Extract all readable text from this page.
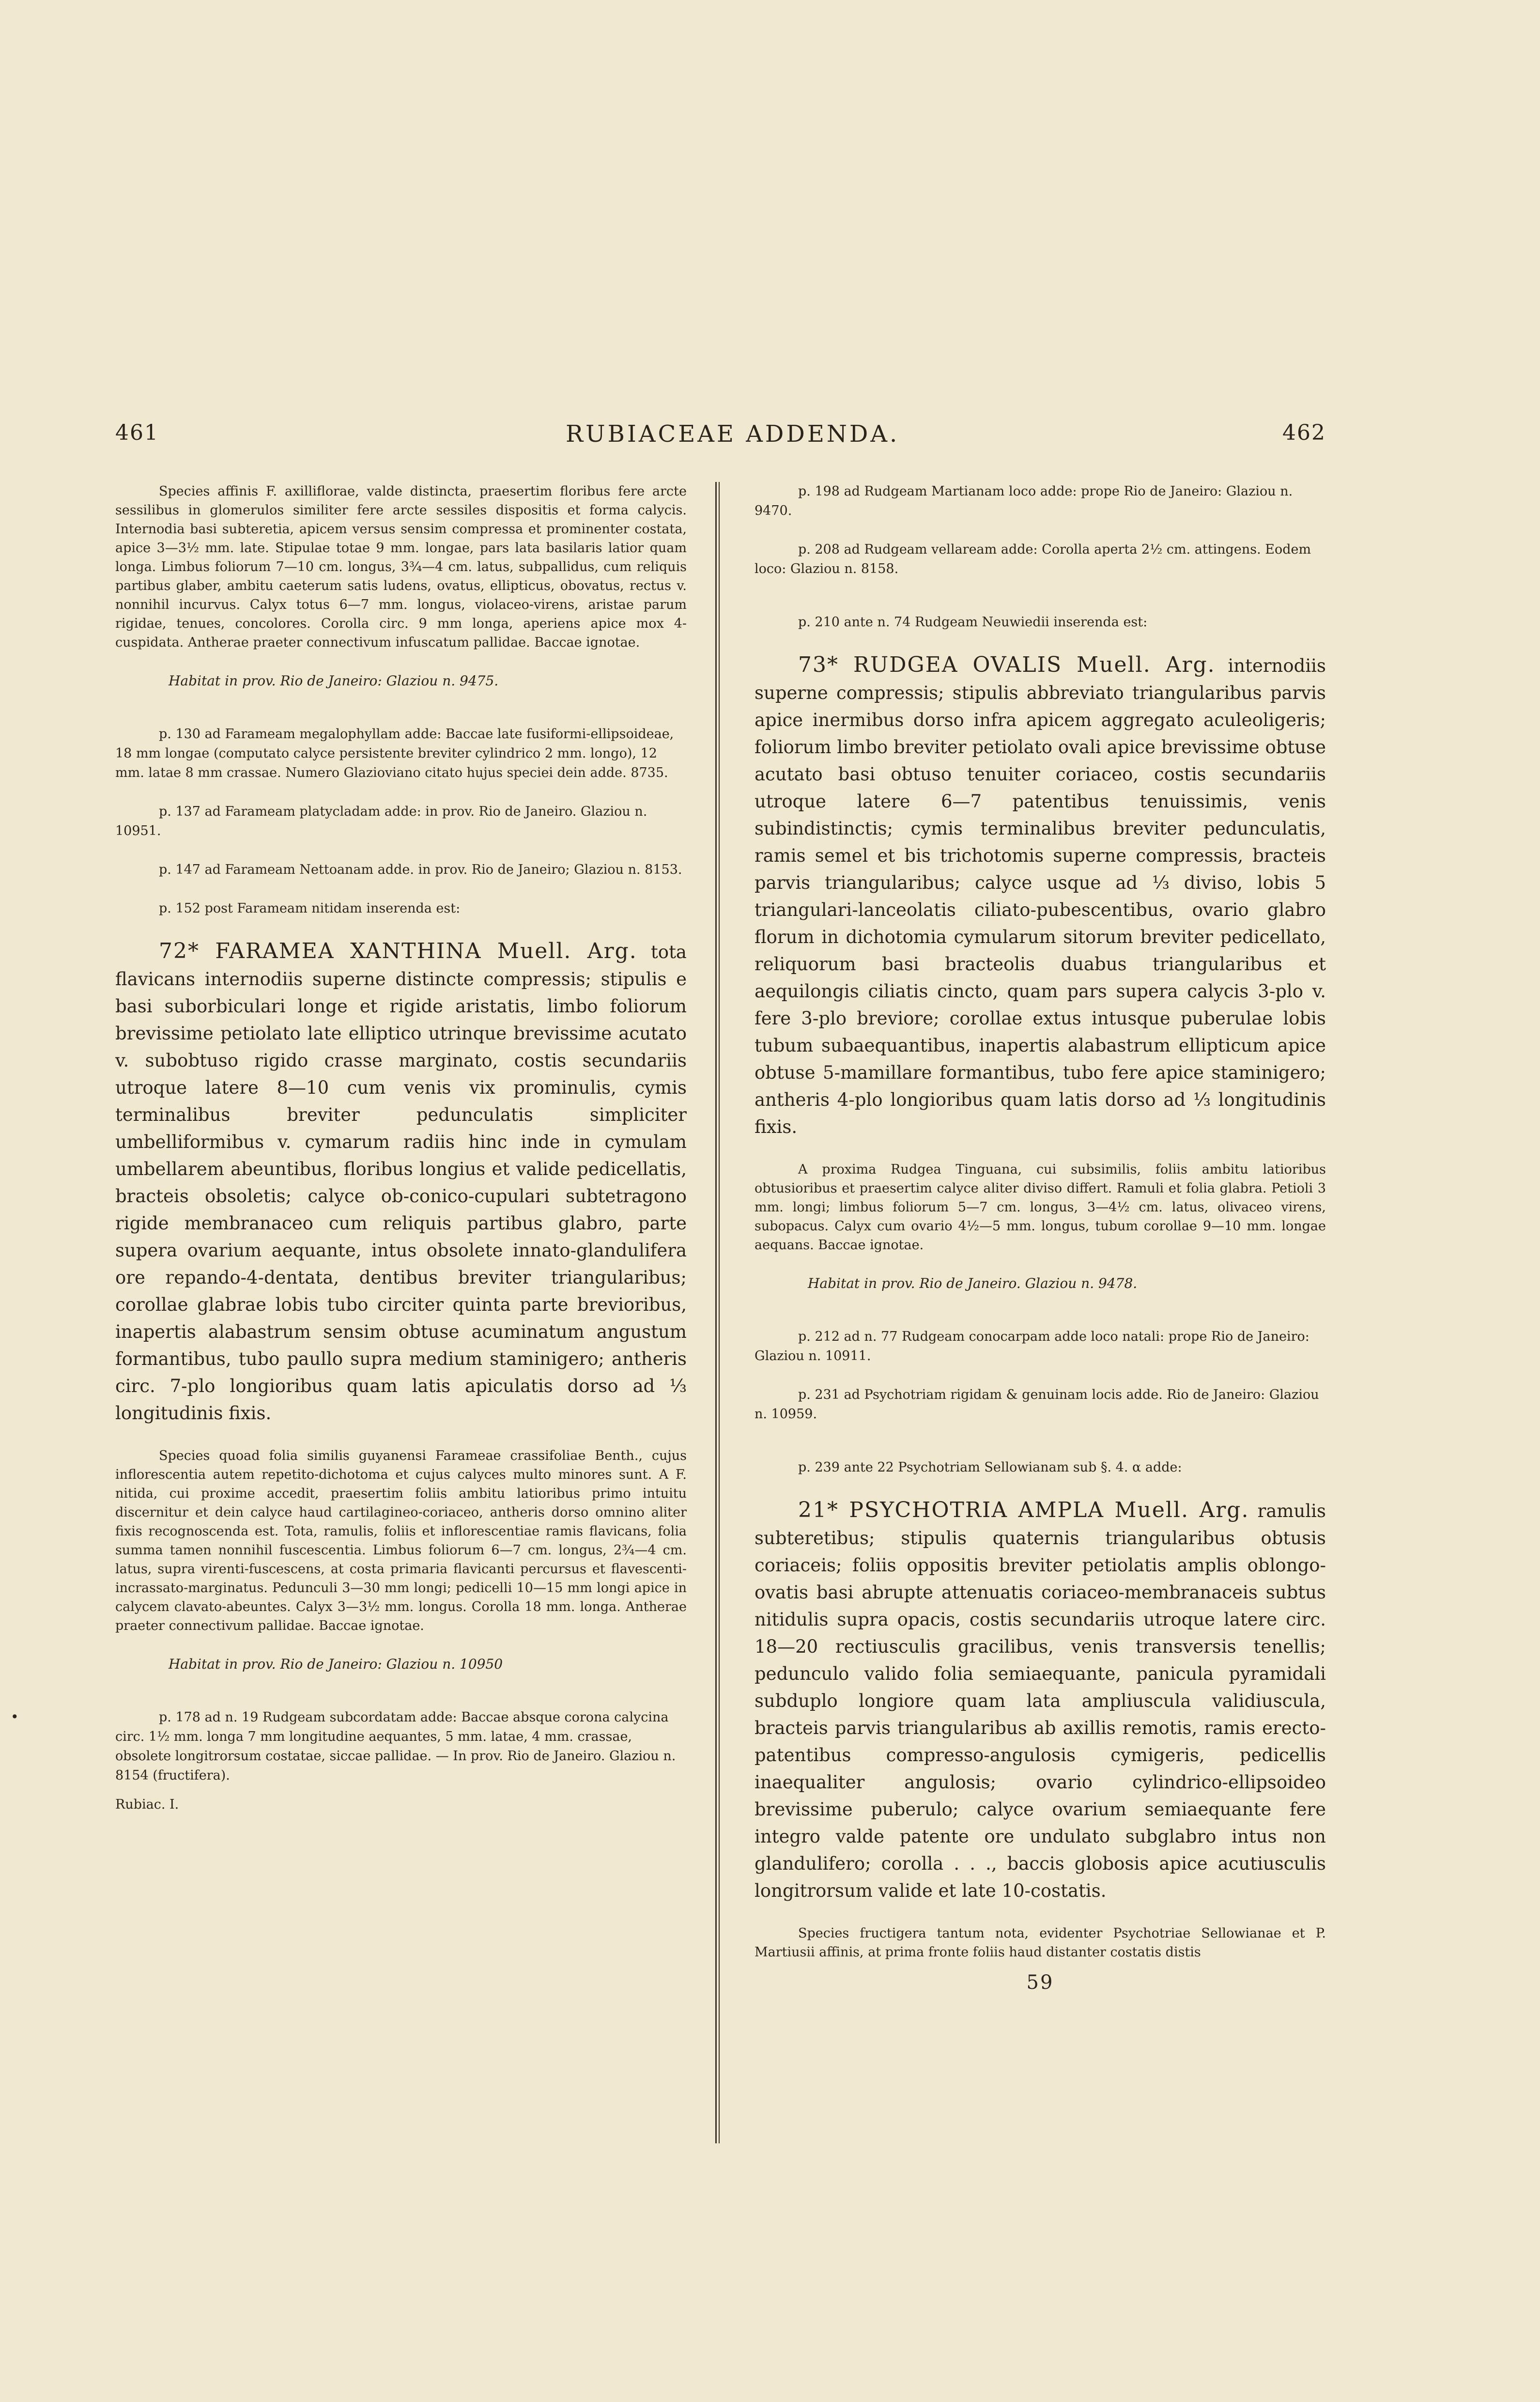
461	RUBIACEAE ADDENDA.	462
•

Species affinis F. axilliflorae, valde distincta, praesertim floribus fere arcte sessilibus in glomerulos similiter fere arcte sessiles dispositis et forma calycis. Internodia basi subteretia, apicem versus sensim compressa et prominenter costata, apice 3—3½ mm. late. Stipulae totae 9 mm. longae, pars lata basilaris latior quam longa. Limbus foliorum 7—10 cm. longus, 3¾—4 cm. latus, subpallidus, cum reliquis partibus glaber, ambitu caeterum satis ludens, ovatus, ellipticus, obovatus, rectus v. nonnihil incurvus. Calyx totus 6—7 mm. longus, violaceo-virens, aristae parum rigidae, tenues, concolores. Corolla circ. 9 mm longa, aperiens apice mox 4-cuspidata. Antherae praeter connectivum infuscatum pallidae. Baccae ignotae.

Habitat in prov. Rio de Janeiro: Glaziou n. 9475.

p. 130 ad Farameam megalophyllam adde: Baccae late fusiformi-ellipsoideae, 18 mm longae (computato calyce persistente breviter cylindrico 2 mm. longo), 12 mm. latae 8 mm crassae. Numero Glazioviano citato hujus speciei dein adde. 8735.

p. 137 ad Farameam platycladam adde: in prov. Rio de Janeiro. Glaziou n. 10951.

p. 147 ad Farameam Nettoanam adde. in prov. Rio de Janeiro; Glaziou n. 8153.

p. 152 post Farameam nitidam inserenda est:

72* FARAMEA XANTHINA Muell. Arg. tota flavicans internodiis superne distincte compressis; stipulis e basi suborbiculari longe et rigide aristatis, limbo foliorum brevissime petiolato late elliptico utrinque brevissime acutato v. subobtuso rigido crasse marginato, costis secundariis utroque latere 8—10 cum venis vix prominulis, cymis terminalibus breviter pedunculatis simpliciter umbelliformibus v. cymarum radiis hinc inde in cymulam umbellarem abeuntibus, floribus longius et valide pedicellatis, bracteis obsoletis; calyce ob-conico-cupulari subtetragono rigide membranaceo cum reliquis partibus glabro, parte supera ovarium aequante, intus obsolete innato-glandulifera ore repando-4-dentata, dentibus breviter triangularibus; corollae glabrae lobis tubo circiter quinta parte brevioribus, inapertis alabastrum sensim obtuse acuminatum angustum formantibus, tubo paullo supra medium staminigero; antheris circ. 7-plo longioribus quam latis apiculatis dorso ad ⅓ longitudinis fixis.

Species quoad folia similis guyanensi Farameae crassifoliae Benth., cujus inflorescentia autem repetito-dichotoma et cujus calyces multo minores sunt. A F. nitida, cui proxime accedit, praesertim foliis ambitu latioribus primo intuitu discernitur et dein calyce haud cartilagineo-coriaceo, antheris dorso omnino aliter fixis recognoscenda est. Tota, ramulis, foliis et inflorescentiae ramis flavicans, folia summa tamen nonnihil fuscescentia. Limbus foliorum 6—7 cm. longus, 2¾—4 cm. latus, supra virenti-fuscescens, at costa primaria flavicanti percursus et flavescenti-incrassato-marginatus. Pedunculi 3—30 mm longi; pedicelli 10—15 mm longi apice in calycem clavato-abeuntes. Calyx 3—3½ mm. longus. Corolla 18 mm. longa. Antherae praeter connectivum pallidae. Baccae ignotae.

Habitat in prov. Rio de Janeiro: Glaziou n. 10950

p. 178 ad n. 19 Rudgeam subcordatam adde: Baccae absque corona calycina circ. 1½ mm. longa 7 mm longitudine aequantes, 5 mm. latae, 4 mm. crassae, obsolete longitrorsum costatae, siccae pallidae. — In prov. Rio de Janeiro. Glaziou n. 8154 (fructifera).

Rubiac. I.

p. 198 ad Rudgeam Martianam loco adde: prope Rio de Janeiro: Glaziou n. 9470.

p. 208 ad Rudgeam vellaream adde: Corolla aperta 2½ cm. attingens. Eodem loco: Glaziou n. 8158.

p. 210 ante n. 74 Rudgeam Neuwiedii inserenda est:

73* RUDGEA OVALIS Muell. Arg. internodiis superne compressis; stipulis abbreviato triangularibus parvis apice inermibus dorso infra apicem aggregato aculeoligeris; foliorum limbo breviter petiolato ovali apice brevissime obtuse acutato basi obtuso tenuiter coriaceo, costis secundariis utroque latere 6—7 patentibus tenuissimis, venis subindistinctis; cymis terminalibus breviter pedunculatis, ramis semel et bis trichotomis superne compressis, bracteis parvis triangularibus; calyce usque ad ⅓ diviso, lobis 5 triangulari-lanceolatis ciliato-pubescentibus, ovario glabro florum in dichotomia cymularum sitorum breviter pedicellato, reliquorum basi bracteolis duabus triangularibus et aequilongis ciliatis cincto, quam pars supera calycis 3-plo v. fere 3-plo breviore; corollae extus intusque puberulae lobis tubum subaequantibus, inapertis alabastrum ellipticum apice obtuse 5-mamillare formantibus, tubo fere apice staminigero; antheris 4-plo longioribus quam latis dorso ad ⅓ longitudinis fixis.

A proxima Rudgea Tinguana, cui subsimilis, foliis ambitu latioribus obtusioribus et praesertim calyce aliter diviso differt. Ramuli et folia glabra. Petioli 3 mm. longi; limbus foliorum 5—7 cm. longus, 3—4½ cm. latus, olivaceo virens, subopacus. Calyx cum ovario 4½—5 mm. longus, tubum corollae 9—10 mm. longae aequans. Baccae ignotae.

Habitat in prov. Rio de Janeiro. Glaziou n. 9478.

p. 212 ad n. 77 Rudgeam conocarpam adde loco natali: prope Rio de Janeiro: Glaziou n. 10911.

p. 231 ad Psychotriam rigidam & genuinam locis adde. Rio de Janeiro: Glaziou n. 10959.

p. 239 ante 22 Psychotriam Sellowianam sub §. 4. α adde:

21* PSYCHOTRIA AMPLA Muell. Arg. ramulis subteretibus; stipulis quaternis triangularibus obtusis coriaceis; foliis oppositis breviter petiolatis amplis oblongo-ovatis basi abrupte attenuatis coriaceo-membranaceis subtus nitidulis supra opacis, costis secundariis utroque latere circ. 18—20 rectiusculis gracilibus, venis transversis tenellis; pedunculo valido folia semiaequante, panicula pyramidali subduplo longiore quam lata ampliuscula validiuscula, bracteis parvis triangularibus ab axillis remotis, ramis erecto-patentibus compresso-angulosis cymigeris, pedicellis inaequaliter angulosis; ovario cylindrico-ellipsoideo brevissime puberulo; calyce ovarium semiaequante fere integro valde patente ore undulato subglabro intus non glandulifero; corolla . . ., baccis globosis apice acutiusculis longitrorsum valide et late 10-costatis.

Species fructigera tantum nota, evidenter Psychotriae Sellowianae et P. Martiusii affinis, at prima fronte foliis haud distanter costatis distis

59
